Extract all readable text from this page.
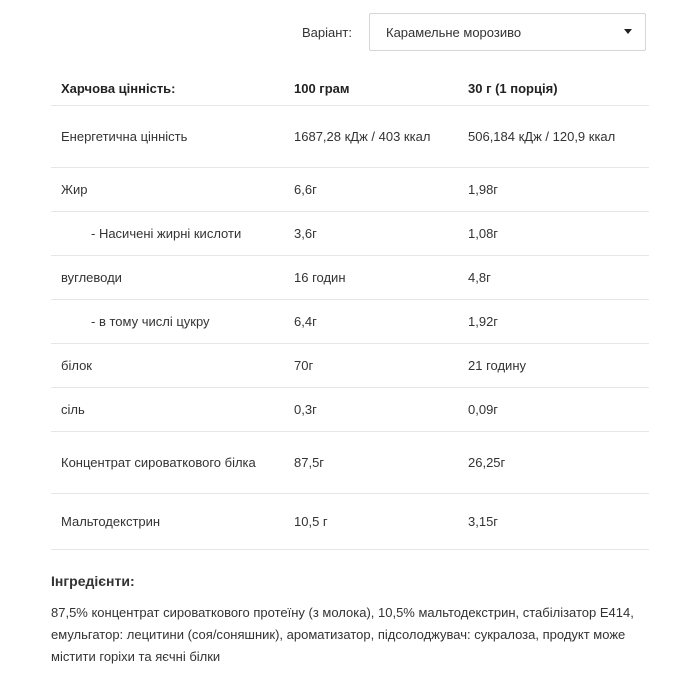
Варіант:	Карамельне морозиво
Харчова цінність:	100 грам	30 г (1 порція)
Енергетична цінність	1687,28 кДж / 403 ккал	506,184 кДж / 120,9 ккал
Жир	6,6г	1,98г
- Насичені жирні кислоти	3,6г	1,08г
вуглеводи	16 годин	4,8г
- в тому числі цукру	6,4г	1,92г
білок	70г	21 годину
сіль	0,3г	0,09г
Концентрат сироваткового білка	87,5г	26,25г
Мальтодекстрин	10,5 г	3,15г
Інгредієнти:
87,5% концентрат сироваткового протеїну (з молока), 10,5% мальтодекстрин, стабілізатор E414, емульгатор: лецитини (соя/соняшник), ароматизатор, підсолоджувач: сукралоза, продукт може містити горіхи та яєчні білки
